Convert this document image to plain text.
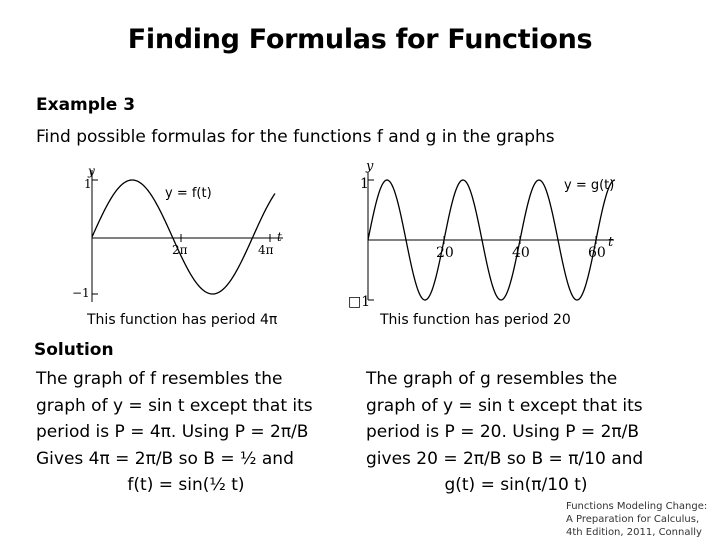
Finding Formulas for Functions
Example 3
Find possible formulas for the functions f and g in the graphs
y
1
−1
2π	4π
t
y = f(t)
y
1
□1
20	40	60
t
y = g(t)
This function has period 4π	This function has period 20
Solution
The graph of f resembles the
graph of y = sin t except that its
period is P = 4π. Using P = 2π/B
Gives 4π = 2π/B so B = ½ and
f(t) = sin(½ t)
The graph of g resembles the
graph of y = sin t except that its
period is P = 20. Using P = 2π/B
gives 20 = 2π/B so B = π/10 and
g(t) = sin(π/10 t)
Functions Modeling Change:
A Preparation for Calculus,
4th Edition, 2011, Connally
